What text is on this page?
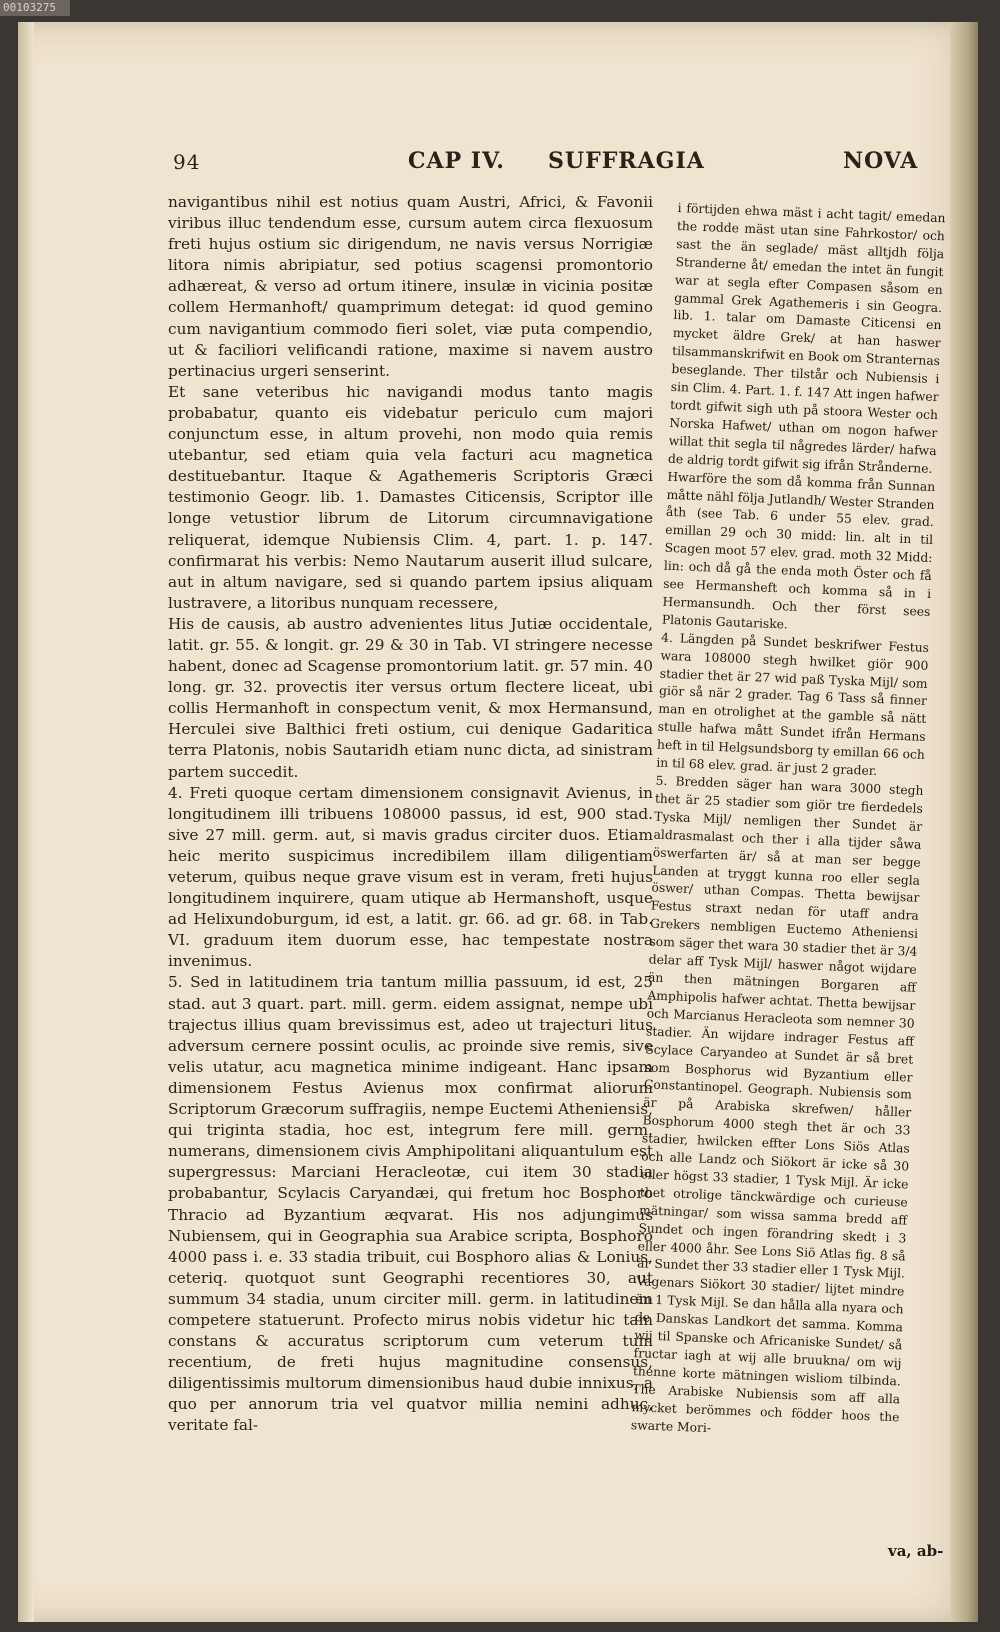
00103275
94	CAP IV. SUFFRAGIA	NOVA

navigantibus nihil est notius quam Austri, Africi, & Favonii viribus illuc tendendum esse, cursum autem circa flexuosum freti hujus ostium sic dirigendum, ne navis versus Norrigiæ litora nimis abripiatur, sed potius scagensi promontorio adhæreat, & verso ad ortum itinere, insulæ in vicinia positæ collem Hermanhoft/ quamprimum detegat: id quod gemino cum navigantium commodo fieri solet, viæ puta compendio, ut & faciliori velificandi ratione, maxime si navem austro pertinacius urgeri senserint.

Et sane veteribus hic navigandi modus tanto magis probabatur, quanto eis videbatur periculo cum majori conjunctum esse, in altum provehi, non modo quia remis utebantur, sed etiam quia vela facturi acu magnetica destituebantur. Itaque & Agathemeris Scriptoris Græci testimonio Geogr. lib. 1. Damastes Citicensis, Scriptor ille longe vetustior librum de Litorum circumnavigatione reliquerat, idemque Nubiensis Clim. 4, part. 1. p. 147. confirmarat his verbis: Nemo Nautarum auserit illud sulcare, aut in altum navigare, sed si quando partem ipsius aliquam lustravere, a litoribus nunquam recessere,

His de causis, ab austro advenientes litus Jutiæ occidentale, latit. gr. 55. & longit. gr. 29 & 30 in Tab. VI stringere necesse habent, donec ad Scagense promontorium latit. gr. 57 min. 40 long. gr. 32. provectis iter versus ortum flectere liceat, ubi collis Hermanhoft in conspectum venit, & mox Hermansund, Herculei sive Balthici freti ostium, cui denique Gadaritica terra Platonis, nobis Sautaridh etiam nunc dicta, ad sinistram partem succedit.

4. Freti quoque certam dimensionem consignavit Avienus, in longitudinem illi tribuens 108000 passus, id est, 900 stad. sive 27 mill. germ. aut, si mavis gradus circiter duos. Etiam heic merito suspicimus incredibilem illam diligentiam veterum, quibus neque grave visum est in veram, freti hujus longitudinem inquirere, quam utique ab Hermanshoft, usque ad Helixundoburgum, id est, a latit. gr. 66. ad gr. 68. in Tab. VI. graduum item duorum esse, hac tempestate nostra invenimus.

5. Sed in latitudinem tria tantum millia passuum, id est, 25 stad. aut 3 quart. part. mill. germ. eidem assignat, nempe ubi trajectus illius quam brevissimus est, adeo ut trajecturi litus adversum cernere possint oculis, ac proinde sive remis, sive velis utatur, acu magnetica minime indigeant. Hanc ipsam dimensionem Festus Avienus mox confirmat aliorum Scriptorum Græcorum suffragiis, nempe Euctemi Atheniensis, qui triginta stadia, hoc est, integrum fere mill. germ. numerans, dimensionem civis Amphipolitani aliquantulum est supergressus: Marciani Heracleotæ, cui item 30 stadia probabantur, Scylacis Caryandæi, qui fretum hoc Bosphoro Thracio ad Byzantium æqvarat. His nos adjungimus Nubiensem, qui in Geographia sua Arabice scripta, Bosphoro 4000 pass i. e. 33 stadia tribuit, cui Bosphoro alias & Lonius, ceteriq. quotquot sunt Geographi recentiores 30, aut summum 34 stadia, unum circiter mill. germ. in latitudinem competere statuerunt. Profecto mirus nobis videtur hic tam constans & accuratus scriptorum cum veterum tum recentium, de freti hujus magnitudine consensus, diligentissimis multorum dimensionibus haud dubie innixus, a quo per annorum tria vel quatvor millia nemini adhuc, veritate fal-

i förtijden ehwa mäst i acht tagit/ emedan the rodde mäst utan sine Fahrkostor/ och sast the än seglade/ mäst alltjdh följa Stranderne åt/ emedan the intet än fungit war at segla efter Compasen såsom en gammal Grek Agathemeris i sin Geogra. lib. 1. talar om Damaste Citicensi en mycket äldre Grek/ at han haswer tilsammanskrifwit en Book om Stranternas beseglande. Ther tilstår och Nubiensis i sin Clim. 4. Part. 1. f. 147 Att ingen hafwer tordt gifwit sigh uth på stoora Wester och Norska Hafwet/ uthan om nogon hafwer willat thit segla til någredes lärder/ hafwa de aldrig tordt gifwit sig ifrån Strånderne.

Hwarföre the som då komma från Sunnan måtte nähl följa Jutlandh/ Wester Stranden åth (see Tab. 6 under 55 elev. grad. emillan 29 och 30 midd: lin. alt in til Scagen moot 57 elev. grad. moth 32 Midd: lin: och då gå the enda moth Öster och få see Hermansheft och komma så in i Hermansundh. Och ther först sees Platonis Gautariske.

4. Längden på Sundet beskrifwer Festus wara 108000 stegh hwilket giör 900 stadier thet är 27 wid paß Tyska Mijl/ som giör så när 2 grader. Tag 6 Tass så finner man en otrolighet at the gamble så nätt stulle hafwa mått Sundet ifrån Hermans heft in til Helgsundsborg ty emillan 66 och in til 68 elev. grad. är just 2 grader.

5. Bredden säger han wara 3000 stegh thet är 25 stadier som giör tre fierdedels Tyska Mijl/ nemligen ther Sundet är aldrasmalast och ther i alla tijder såwa öswerfarten är/ så at man ser begge Landen at tryggt kunna roo eller segla öswer/ uthan Compas. Thetta bewijsar Festus straxt nedan för utaff andra Grekers nembligen Euctemo Atheniensi som säger thet wara 30 stadier thet är 3/4 delar aff Tysk Mijl/ haswer något wijdare än then mätningen Borgaren aff Amphipolis hafwer achtat. Thetta bewijsar och Marcianus Heracleota som nemner 30 stadier. Än wijdare indrager Festus aff Scylace Caryandeo at Sundet är så bret som Bosphorus wid Byzantium eller Constantinopel. Geograph. Nubiensis som är på Arabiska skrefwen/ håller Bosphorum 4000 stegh thet är och 33 stadier, hwilcken effter Lons Siös Atlas och alle Landz och Siökort är icke så 30 eller högst 33 stadier, 1 Tysk Mijl. Är icke thet otrolige tänckwärdige och curieuse mätningar/ som wissa samma bredd aff Sundet och ingen förandring skedt i 3 eller 4000 åhr. See Lons Siö Atlas fig. 8 så är Sundet ther 33 stadier eller 1 Tysk Mijl. Vagenars Siökort 30 stadier/ lijtet mindre än 1 Tysk Mijl. Se dan hålla alla nyara och de Danskas Landkort det samma. Komma wij til Spanske och Africaniske Sundet/ så fructar iagh at wij alle bruukna/ om wij thenne korte mätningen wisliom tilbinda. The Arabiske Nubiensis som aff alla mycket berömmes och födder hoos the swarte Mori-

va, ab-
